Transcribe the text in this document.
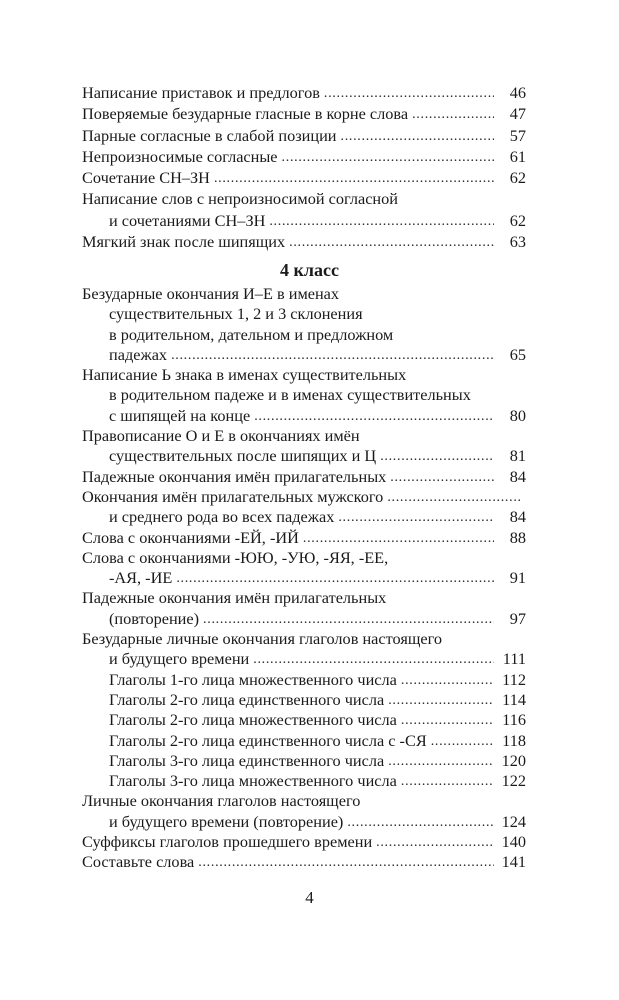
Написание приставок и предлогов . . .	46
Поверяемые безударные гласные в корне слова . . .	47
Парные согласные в слабой позиции . . .	57
Непроизносимые согласные . . .	61
Сочетание СН–ЗН . . .	62
Написание слов с непроизносимой согласной
и сочетаниями СН–ЗН . . .	62
Мягкий знак после шипящих . . .	63
4 класс
Безударные окончания И–Е в именах
существительных 1, 2 и 3 склонения
в родительном, дательном и предложном
падежах . . .	65
Написание Ь знака в именах существительных
в родительном падеже и в именах существительных
с шипящей на конце . . .	80
Правописание О и Е в окончаниях имён
существительных после шипящих и Ц . . .	81
Падежные окончания имён прилагательных . . .	84
Окончания имён прилагательных мужского
. . .
и среднего рода во всех падежах . . .	84
Слова с окончаниями -ЕЙ, -ИЙ . . .	88
Слова с окончаниями -ЮЮ, -УЮ, -ЯЯ, -ЕЕ,
-АЯ, -ИЕ . . .	91
Падежные окончания имён прилагательных
(повторение) . . .	97
Безударные личные окончания глаголов настоящего
и будущего времени . . .	111
Глаголы 1-го лица множественного числа . . .	112
Глаголы 2-го лица единственного числа . . .	114
Глаголы 2-го лица множественного числа . . .	116
Глаголы 2-го лица единственного числа с -СЯ . . .	118
Глаголы 3-го лица единственного числа . . .	120
Глаголы 3-го лица множественного числа . . .	122
Личные окончания глаголов настоящего
и будущего времени (повторение) . . .	124
Суффиксы глаголов прошедшего времени . . .	140
Составьте слова . . .	141
4
